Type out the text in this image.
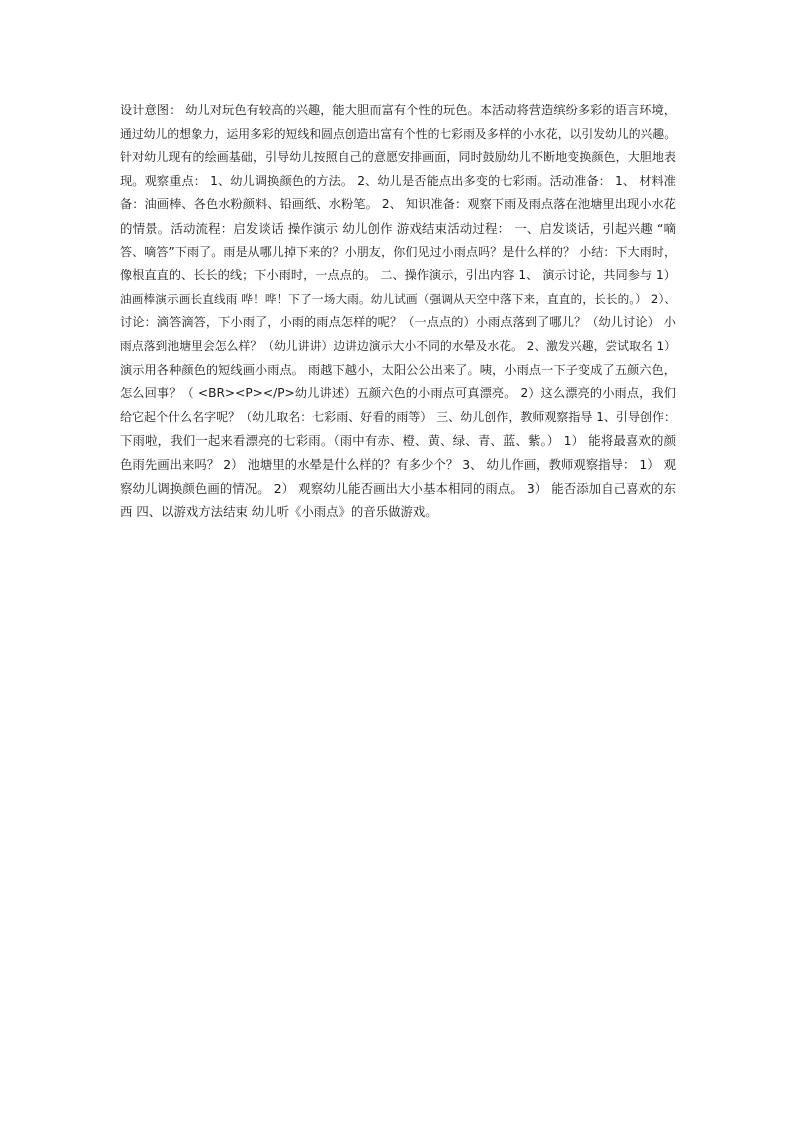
设计意图： 幼儿对玩色有较高的兴趣，能大胆而富有个性的玩色。本活动将营造缤纷多彩的语言环境，
通过幼儿的想象力，运用多彩的短线和圆点创造出富有个性的七彩雨及多样的小水花，以引发幼儿的兴趣。
针对幼儿现有的绘画基础，引导幼儿按照自己的意愿安排画面，同时鼓励幼儿不断地变换颜色，大胆地表
现。观察重点： 1、幼儿调换颜色的方法。 2、幼儿是否能点出多变的七彩雨。活动准备： 1、 材料准
备：油画棒、各色水粉颜料、铅画纸、水粉笔。 2、 知识准备：观察下雨及雨点落在池塘里出现小水花
的情景。活动流程：启发谈话 操作演示 幼儿创作 游戏结束活动过程： 一、启发谈话，引起兴趣 “嘀
答、嘀答”下雨了。雨是从哪儿掉下来的？小朋友，你们见过小雨点吗？是什么样的？ 小结：下大雨时，
像根直直的、长长的线；下小雨时，一点点的。 二、操作演示，引出内容 1、 演示讨论，共同参与 1）
油画棒演示画长直线雨 哗！哗！下了一场大雨。幼儿试画（强调从天空中落下来，直直的，长长的。） 2）、
讨论：滴答滴答，下小雨了，小雨的雨点怎样的呢？（一点点的）小雨点落到了哪儿？（幼儿讨论） 小
雨点落到池塘里会怎么样？（幼儿讲讲）边讲边演示大小不同的水晕及水花。 2、激发兴趣，尝试取名 1）
演示用各种颜色的短线画小雨点。 雨越下越小，太阳公公出来了。咦，小雨点一下子变成了五颜六色，
怎么回事？（ <BR><P></P>幼儿讲述）五颜六色的小雨点可真漂亮。 2）这么漂亮的小雨点，我们
给它起个什么名字呢？（幼儿取名：七彩雨、好看的雨等） 三、幼儿创作，教师观察指导 1、引导创作：
下雨啦，我们一起来看漂亮的七彩雨。（雨中有赤、橙、黄、绿、青、蓝、紫。） 1） 能将最喜欢的颜
色雨先画出来吗？ 2） 池塘里的水晕是什么样的？有多少个？ 3、 幼儿作画，教师观察指导： 1） 观
察幼儿调换颜色画的情况。 2） 观察幼儿能否画出大小基本相同的雨点。 3） 能否添加自己喜欢的东
西 四、以游戏方法结束 幼儿听《小雨点》的音乐做游戏。
